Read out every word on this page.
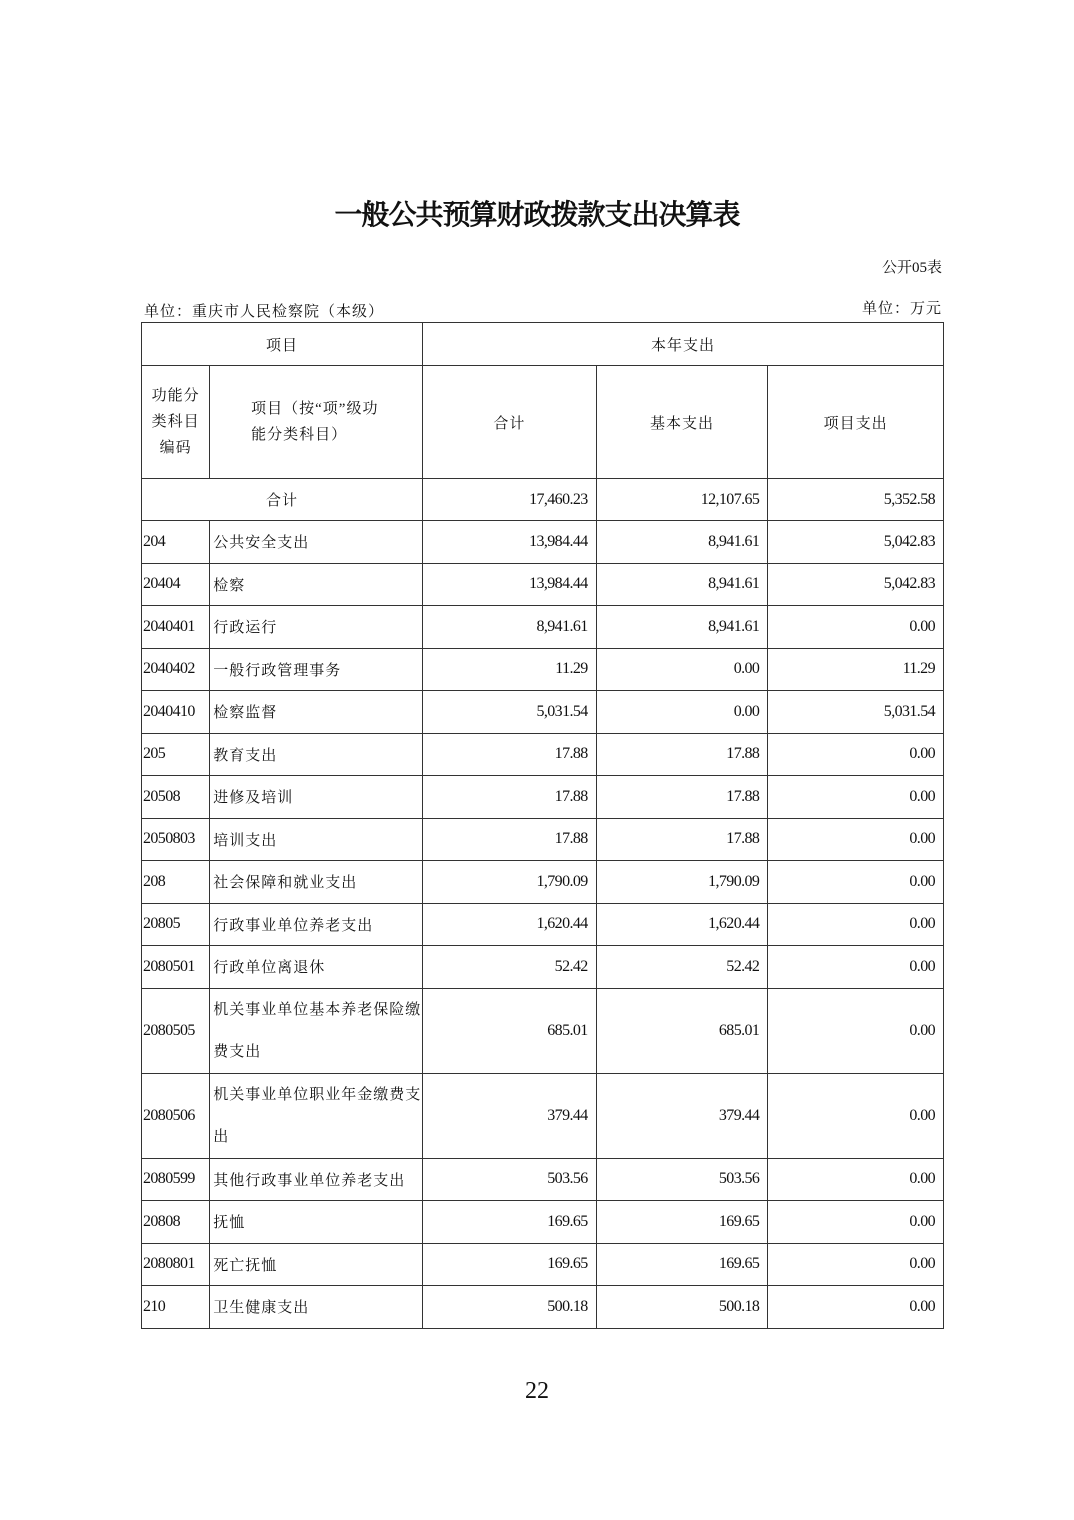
一般公共预算财政拨款支出决算表
公开05表
单位：重庆市人民检察院（本级）	单位：万元
项目		本年支出		

功能分类科目编码	项目（按“项”级功能分类科目）	合计	基本支出	项目支出
合计		17,460.23	12,107.65	5,352.58
204	公共安全支出	13,984.44	8,941.61	5,042.83
20404	检察	13,984.44	8,941.61	5,042.83
2040401	行政运行	8,941.61	8,941.61	0.00
2040402	一般行政管理事务	11.29	0.00	11.29
2040410	检察监督	5,031.54	0.00	5,031.54
205	教育支出	17.88	17.88	0.00
20508	进修及培训	17.88	17.88	0.00
2050803	培训支出	17.88	17.88	0.00
208	社会保障和就业支出	1,790.09	1,790.09	0.00
20805	行政事业单位养老支出	1,620.44	1,620.44	0.00
2080501	行政单位离退休	52.42	52.42	0.00
2080505	机关事业单位基本养老保险缴费支出	685.01	685.01	0.00
2080506	机关事业单位职业年金缴费支出	379.44	379.44	0.00
2080599	其他行政事业单位养老支出	503.56	503.56	0.00
20808	抚恤	169.65	169.65	0.00
2080801	死亡抚恤	169.65	169.65	0.00
210	卫生健康支出	500.18	500.18	0.00
22
